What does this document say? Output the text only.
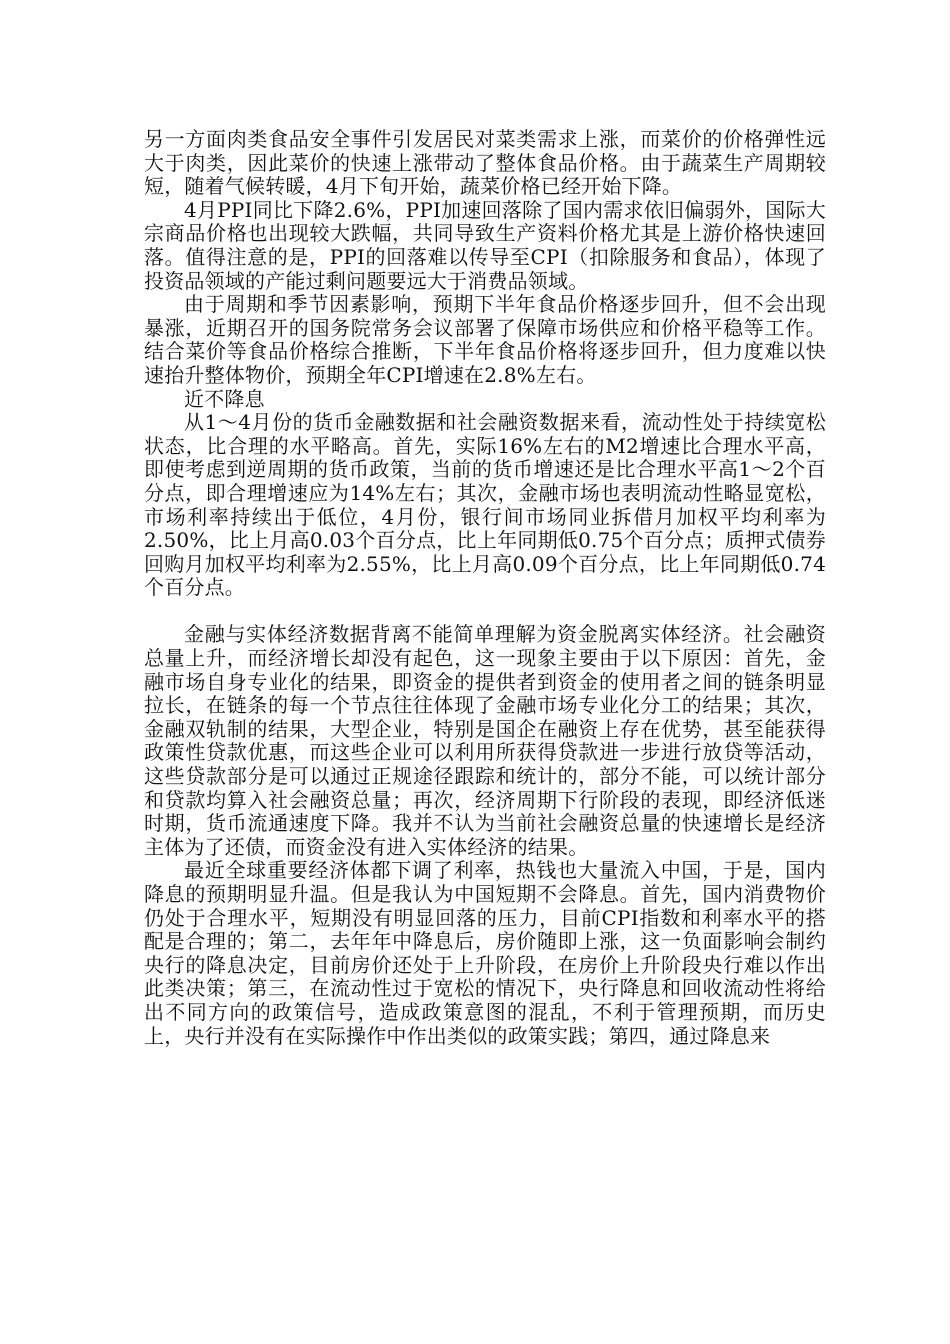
另一方面肉类食品安全事件引发居民对菜类需求上涨，而菜价的价格弹性远大于肉类，因此菜价的快速上涨带动了整体食品价格。由于蔬菜生产周期较短，随着气候转暖，4月下旬开始，蔬菜价格已经开始下降。

4月PPI同比下降2.6%，PPI加速回落除了国内需求依旧偏弱外，国际大宗商品价格也出现较大跌幅，共同导致生产资料价格尤其是上游价格快速回落。值得注意的是，PPI的回落难以传导至CPI（扣除服务和食品），体现了投资品领域的产能过剩问题要远大于消费品领域。

由于周期和季节因素影响，预期下半年食品价格逐步回升，但不会出现暴涨，近期召开的国务院常务会议部署了保障市场供应和价格平稳等工作。结合菜价等食品价格综合推断，下半年食品价格将逐步回升，但力度难以快速抬升整体物价，预期全年CPI增速在2.8%左右。

近不降息

从1～4月份的货币金融数据和社会融资数据来看，流动性处于持续宽松状态，比合理的水平略高。首先，实际16%左右的M2增速比合理水平高，即使考虑到逆周期的货币政策，当前的货币增速还是比合理水平高1～2个百分点，即合理增速应为14%左右；其次，金融市场也表明流动性略显宽松，市场利率持续出于低位，4月份，银行间市场同业拆借月加权平均利率为2.50%，比上月高0.03个百分点，比上年同期低0.75个百分点；质押式债券回购月加权平均利率为2.55%，比上月高0.09个百分点，比上年同期低0.74个百分点。

金融与实体经济数据背离不能简单理解为资金脱离实体经济。社会融资总量上升，而经济增长却没有起色，这一现象主要由于以下原因：首先，金融市场自身专业化的结果，即资金的提供者到资金的使用者之间的链条明显拉长，在链条的每一个节点往往体现了金融市场专业化分工的结果；其次，金融双轨制的结果，大型企业，特别是国企在融资上存在优势，甚至能获得政策性贷款优惠，而这些企业可以利用所获得贷款进一步进行放贷等活动，这些贷款部分是可以通过正规途径跟踪和统计的，部分不能，可以统计部分和贷款均算入社会融资总量；再次，经济周期下行阶段的表现，即经济低迷时期，货币流通速度下降。我并不认为当前社会融资总量的快速增长是经济主体为了还债，而资金没有进入实体经济的结果。

最近全球重要经济体都下调了利率，热钱也大量流入中国，于是，国内降息的预期明显升温。但是我认为中国短期不会降息。首先，国内消费物价仍处于合理水平，短期没有明显回落的压力，目前CPI指数和利率水平的搭配是合理的；第二，去年年中降息后，房价随即上涨，这一负面影响会制约央行的降息决定，目前房价还处于上升阶段，在房价上升阶段央行难以作出此类决策；第三，在流动性过于宽松的情况下，央行降息和回收流动性将给出不同方向的政策信号，造成政策意图的混乱，不利于管理预期，而历史上，央行并没有在实际操作中作出类似的政策实践；第四，通过降息来
